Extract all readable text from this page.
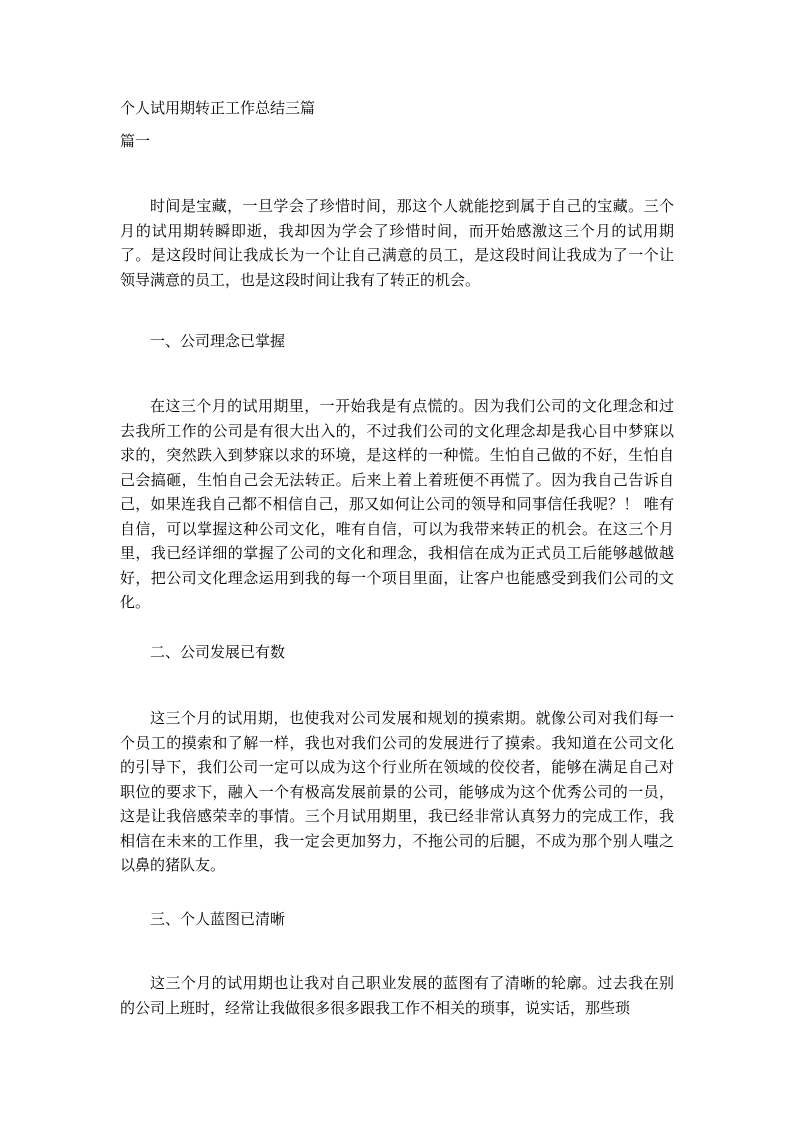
个人试用期转正工作总结三篇
篇一

时间是宝藏，一旦学会了珍惜时间，那这个人就能挖到属于自己的宝藏。三个月的试用期转瞬即逝，我却因为学会了珍惜时间，而开始感激这三个月的试用期了。是这段时间让我成长为一个让自己满意的员工，是这段时间让我成为了一个让领导满意的员工，也是这段时间让我有了转正的机会。

一、公司理念已掌握

在这三个月的试用期里，一开始我是有点慌的。因为我们公司的文化理念和过去我所工作的公司是有很大出入的，不过我们公司的文化理念却是我心目中梦寐以求的，突然跌入到梦寐以求的环境，是这样的一种慌。生怕自己做的不好，生怕自己会搞砸，生怕自己会无法转正。后来上着上着班便不再慌了。因为我自己告诉自己，如果连我自己都不相信自己，那又如何让公司的领导和同事信任我呢？！ 唯有自信，可以掌握这种公司文化，唯有自信，可以为我带来转正的机会。在这三个月里，我已经详细的掌握了公司的文化和理念，我相信在成为正式员工后能够越做越好，把公司文化理念运用到我的每一个项目里面，让客户也能感受到我们公司的文化。

二、公司发展已有数

这三个月的试用期，也使我对公司发展和规划的摸索期。就像公司对我们每一个员工的摸索和了解一样，我也对我们公司的发展进行了摸索。我知道在公司文化的引导下，我们公司一定可以成为这个行业所在领域的佼佼者，能够在满足自己对职位的要求下，融入一个有极高发展前景的公司，能够成为这个优秀公司的一员，这是让我倍感荣幸的事情。三个月试用期里，我已经非常认真努力的完成工作，我相信在未来的工作里，我一定会更加努力，不拖公司的后腿，不成为那个别人嗤之以鼻的猪队友。

三、个人蓝图已清晰

这三个月的试用期也让我对自己职业发展的蓝图有了清晰的轮廓。过去我在别的公司上班时，经常让我做很多很多跟我工作不相关的琐事，说实话，那些琐
